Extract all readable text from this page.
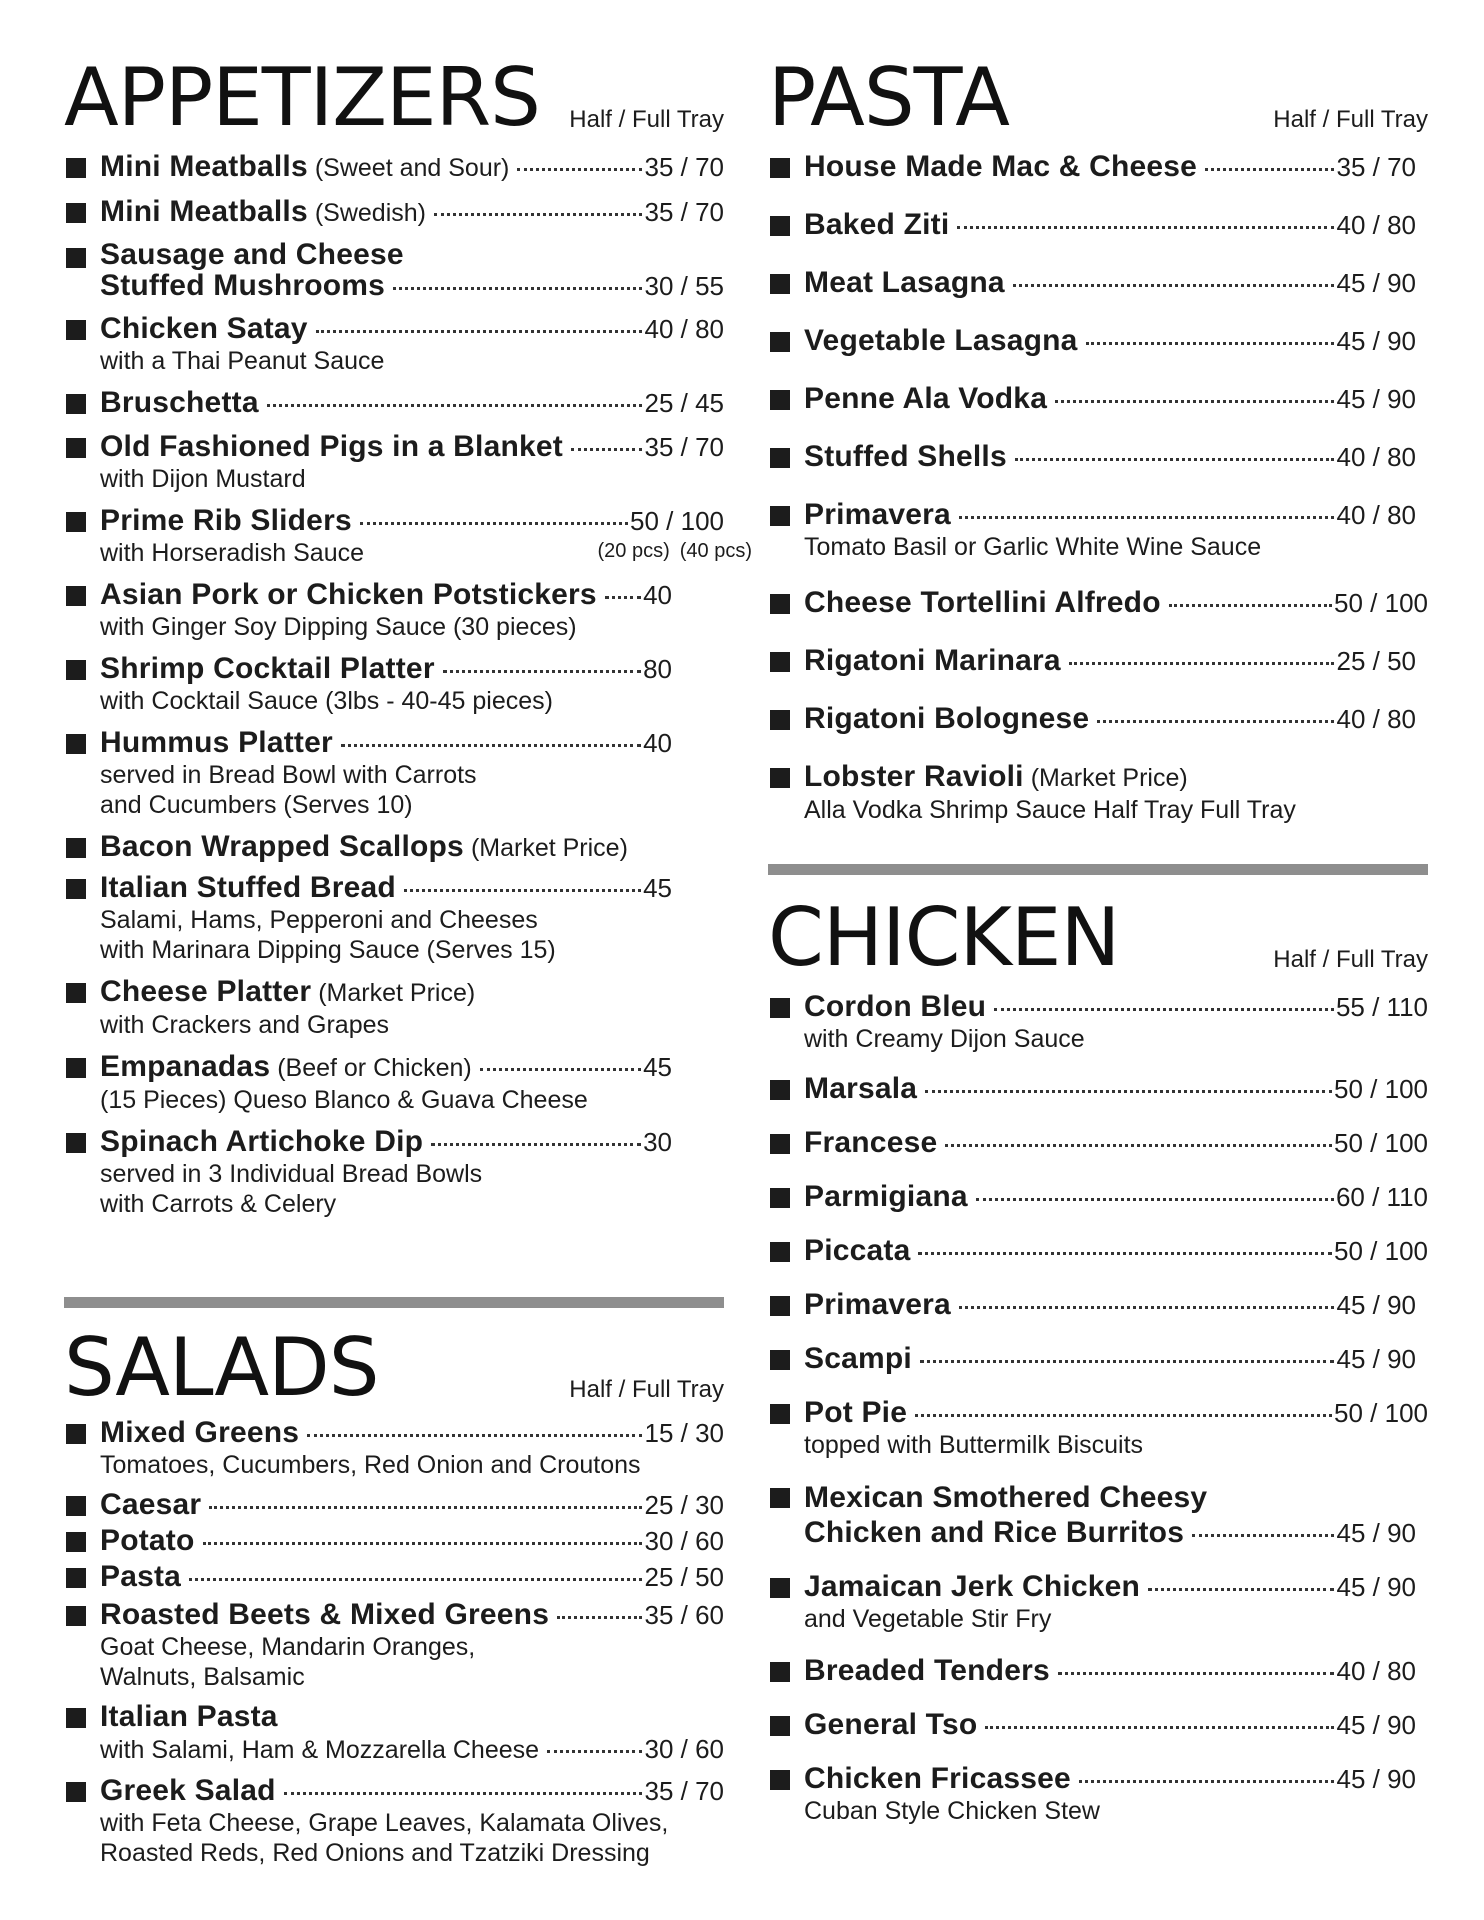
APPETIZERS Half / Full Tray
Mini Meatballs (Sweet and Sour)	35 / 70
Mini Meatballs (Swedish)	35 / 70
Sausage and Cheese
Stuffed Mushrooms	30 / 55
Chicken Satay	40 / 80
with a Thai Peanut Sauce
Bruschetta	25 / 45
Old Fashioned Pigs in a Blanket	35 / 70
with Dijon Mustard
Prime Rib Sliders	50 / 100
with Horseradish Sauce	(20 pcs) (40 pcs)
Asian Pork or Chicken Potstickers 40
with Ginger Soy Dipping Sauce (30 pieces)
Shrimp Cocktail Platter	80
with Cocktail Sauce (3lbs - 40-45 pieces)
Hummus Platter	40
served in Bread Bowl with Carrots
and Cucumbers (Serves 10)
Bacon Wrapped Scallops (Market Price)
Italian Stuffed Bread	45
Salami, Hams, Pepperoni and Cheeses
with Marinara Dipping Sauce (Serves 15)
Cheese Platter (Market Price)
with Crackers and Grapes
Empanadas (Beef or Chicken)	45
(15 Pieces) Queso Blanco & Guava Cheese
Spinach Artichoke Dip	30
served in 3 Individual Bread Bowls
with Carrots & Celery
SALADS	Half / Full Tray
Mixed Greens	15 / 30
Tomatoes, Cucumbers, Red Onion and Croutons
Caesar	25 / 30
Potato	30 / 60
Pasta	25 / 50
Roasted Beets & Mixed Greens	35 / 60
Goat Cheese, Mandarin Oranges,
Walnuts, Balsamic
Italian Pasta
with Salami, Ham & Mozzarella Cheese	30 / 60
Greek Salad	35 / 70
with Feta Cheese, Grape Leaves, Kalamata Olives,
Roasted Reds, Red Onions and Tzatziki Dressing
PASTA	Half / Full Tray
House Made Mac & Cheese	35 / 70
Baked Ziti	40 / 80
Meat Lasagna	45 / 90
Vegetable Lasagna	45 / 90
Penne Ala Vodka	45 / 90
Stuffed Shells	40 / 80
Primavera	40 / 80
Tomato Basil or Garlic White Wine Sauce
Cheese Tortellini Alfredo	50 / 100
Rigatoni Marinara	25 / 50
Rigatoni Bolognese	40 / 80
Lobster Ravioli (Market Price)
Alla Vodka Shrimp Sauce Half Tray Full Tray
CHICKEN	Half / Full Tray
Cordon Bleu	55 / 110
with Creamy Dijon Sauce
Marsala	50 / 100
Francese	50 / 100
Parmigiana	60 / 110
Piccata	50 / 100
Primavera	45 / 90
Scampi	45 / 90
Pot Pie	50 / 100
topped with Buttermilk Biscuits
Mexican Smothered Cheesy
Chicken and Rice Burritos	45 / 90
Jamaican Jerk Chicken	45 / 90
and Vegetable Stir Fry
Breaded Tenders	40 / 80
General Tso	45 / 90
Chicken Fricassee	45 / 90
Cuban Style Chicken Stew
